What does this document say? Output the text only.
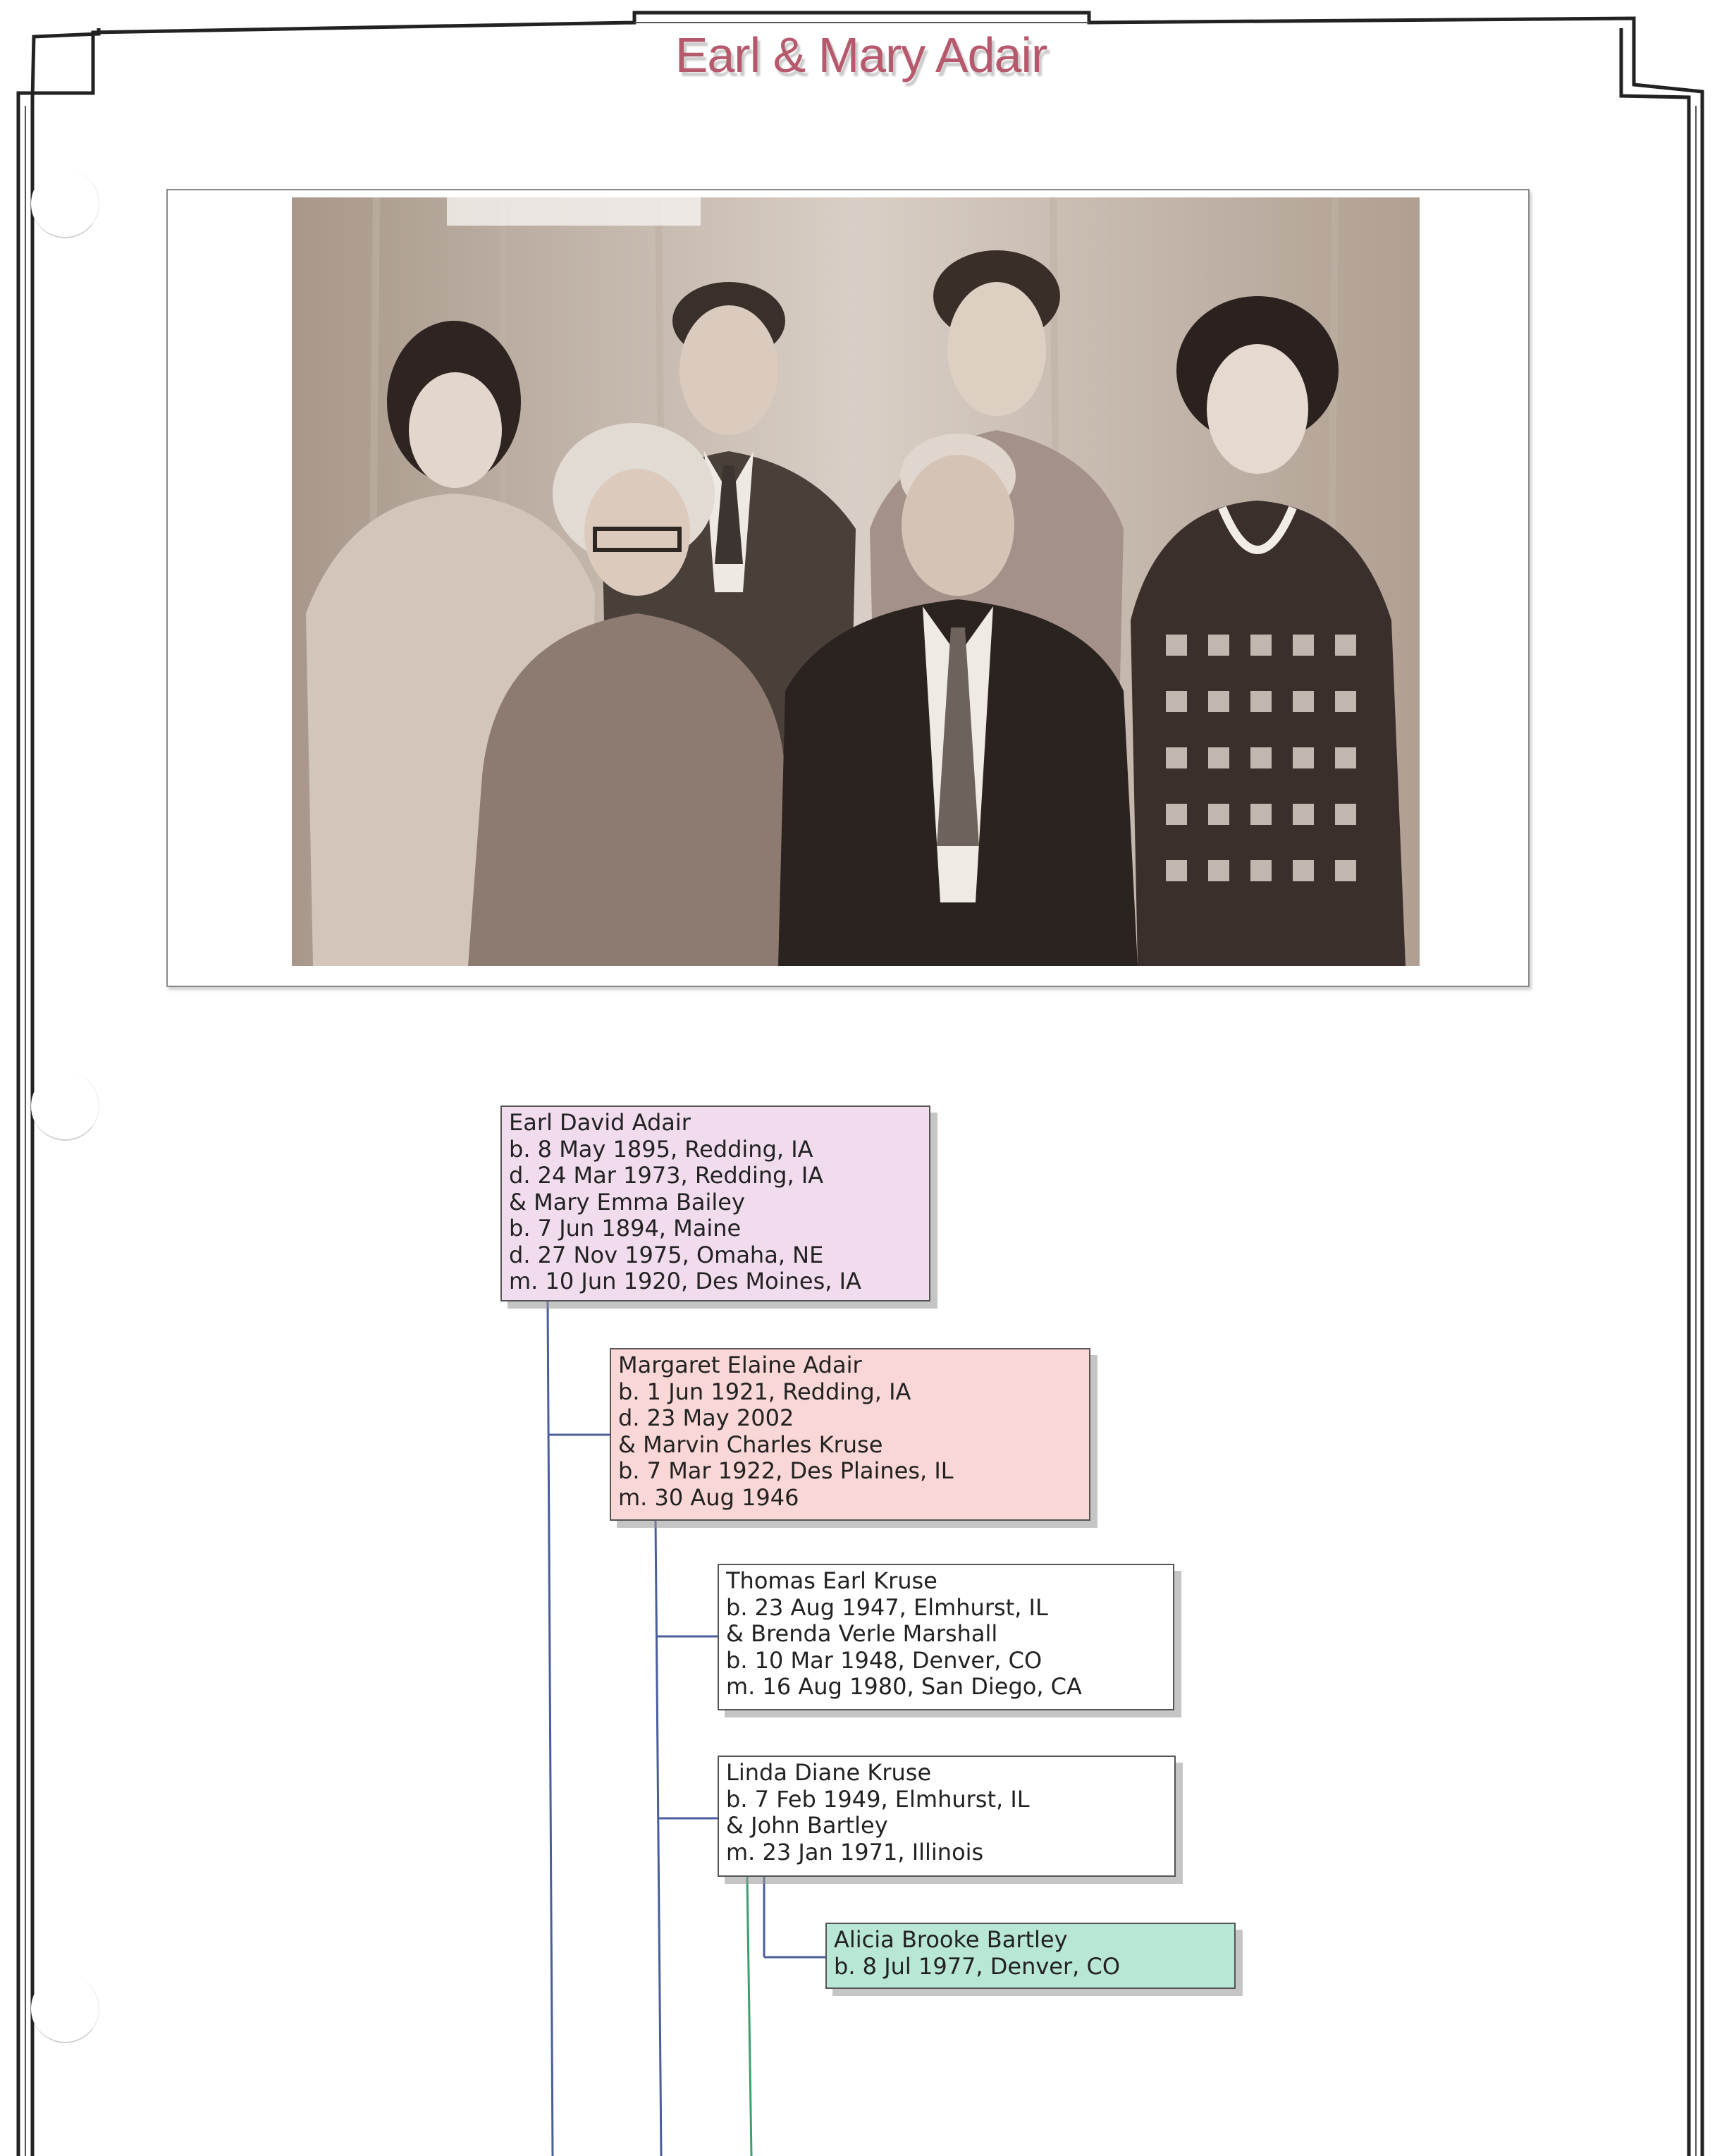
Earl & Mary Adair
Earl David Adair
b. 8 May 1895, Redding, IA
d. 24 Mar 1973, Redding, IA
& Mary Emma Bailey
b. 7 Jun 1894, Maine
d. 27 Nov 1975, Omaha, NE
m. 10 Jun 1920, Des Moines, IA
Margaret Elaine Adair
b. 1 Jun 1921, Redding, IA
d. 23 May 2002
& Marvin Charles Kruse
b. 7 Mar 1922, Des Plaines, IL
m. 30 Aug 1946
Thomas Earl Kruse
b. 23 Aug 1947, Elmhurst, IL
& Brenda Verle Marshall
b. 10 Mar 1948, Denver, CO
m. 16 Aug 1980, San Diego, CA
Linda Diane Kruse
b. 7 Feb 1949, Elmhurst, IL
& John Bartley
m. 23 Jan 1971, Illinois
Alicia Brooke Bartley
b. 8 Jul 1977, Denver, CO
